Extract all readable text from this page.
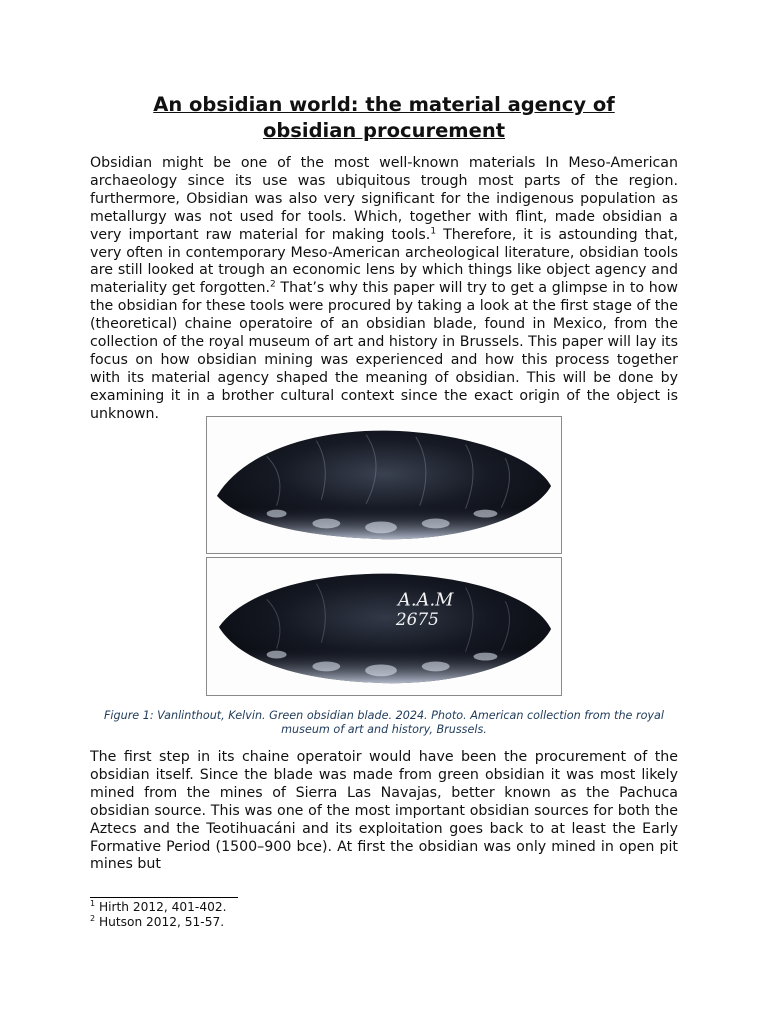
An obsidian world: the material agency of
obsidian procurement

Obsidian might be one of the most well-known materials In Meso-American archaeology since its use was ubiquitous trough most parts of the region. furthermore, Obsidian was also very significant for the indigenous population as metallurgy was not used for tools. Which, together with flint, made obsidian a very important raw material for making tools.$^1$ Therefore, it is astounding that, very often in contemporary Meso-American archeological literature, obsidian tools are still looked at trough an economic lens by which things like object agency and materiality get forgotten.$^2$ That’s why this paper will try to get a glimpse in to how the obsidian for these tools were procured by taking a look at the first stage of the (theoretical) chaine operatoire of an obsidian blade, found in Mexico, from the collection of the royal museum of art and history in Brussels. This paper will lay its focus on how obsidian mining was experienced and how this process together with its material agency shaped the meaning of obsidian. This will be done by examining it in a brother cultural context since the exact origin of the object is unknown.

A.A.M
2675
Figure 1: Vanlinthout, Kelvin. Green obsidian blade. 2024. Photo. American collection from the royal museum of art and history, Brussels.

The first step in its chaine operatoir would have been the procurement of the obsidian itself. Since the blade was made from green obsidian it was most likely mined from the mines of Sierra Las Navajas, better known as the Pachuca obsidian source. This was one of the most important obsidian sources for both the Aztecs and the Teotihuacáni and its exploitation goes back to at least the Early Formative Period (1500–900 bce). At first the obsidian was only mined in open pit mines but

$^1$ Hirth 2012, 401-402.
$^2$ Hutson 2012, 51-57.
